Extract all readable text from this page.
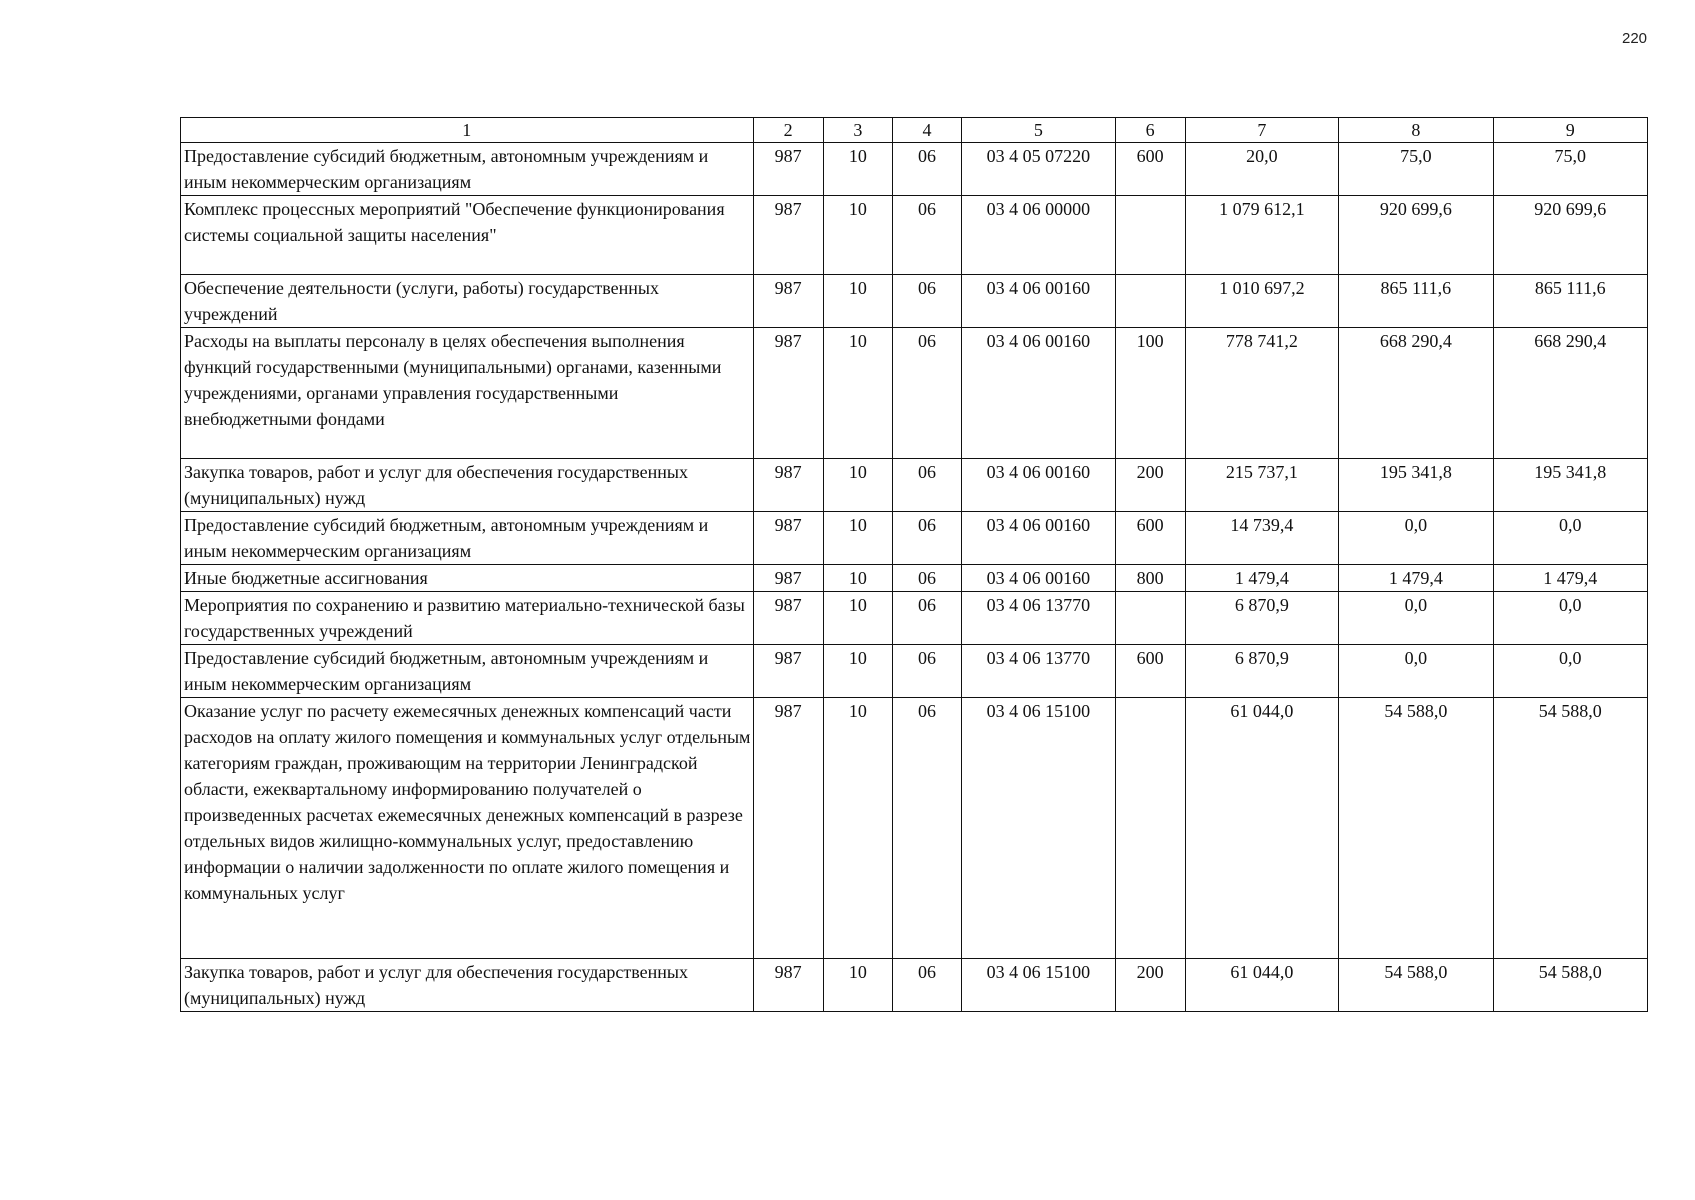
220
1	2	3	4	5	6	7	8	9
Предоставление субсидий бюджетным, автономным учреждениям и иным некоммерческим организациям	987	10	06	03 4 05 07220	600	20,0	75,0	75,0
Комплекс процессных мероприятий "Обеспечение функционирования системы социальной защиты населения"	987	10	06	03 4 06 00000		1 079 612,1	920 699,6	920 699,6
Обеспечение деятельности (услуги, работы) государственных учреждений	987	10	06	03 4 06 00160		1 010 697,2	865 111,6	865 111,6
Расходы на выплаты персоналу в целях обеспечения выполнения функций государственными (муниципальными) органами, казенными учреждениями, органами управления государственными внебюджетными фондами	987	10	06	03 4 06 00160	100	778 741,2	668 290,4	668 290,4
Закупка товаров, работ и услуг для обеспечения государственных (муниципальных) нужд	987	10	06	03 4 06 00160	200	215 737,1	195 341,8	195 341,8
Предоставление субсидий бюджетным, автономным учреждениям и иным некоммерческим организациям	987	10	06	03 4 06 00160	600	14 739,4	0,0	0,0
Иные бюджетные ассигнования	987	10	06	03 4 06 00160	800	1 479,4	1 479,4	1 479,4
Мероприятия по сохранению и развитию материально-технической базы государственных учреждений	987	10	06	03 4 06 13770		6 870,9	0,0	0,0
Предоставление субсидий бюджетным, автономным учреждениям и иным некоммерческим организациям	987	10	06	03 4 06 13770	600	6 870,9	0,0	0,0
Оказание услуг по расчету ежемесячных денежных компенсаций части расходов на оплату жилого помещения и коммунальных услуг отдельным категориям граждан, проживающим на территории Ленинградской области, ежеквартальному информированию получателей о произведенных расчетах ежемесячных денежных компенсаций в разрезе отдельных видов жилищно-коммунальных услуг, предоставлению информации о наличии задолженности по оплате жилого помещения и коммунальных услуг	987	10	06	03 4 06 15100		61 044,0	54 588,0	54 588,0
Закупка товаров, работ и услуг для обеспечения государственных (муниципальных) нужд	987	10	06	03 4 06 15100	200	61 044,0	54 588,0	54 588,0
